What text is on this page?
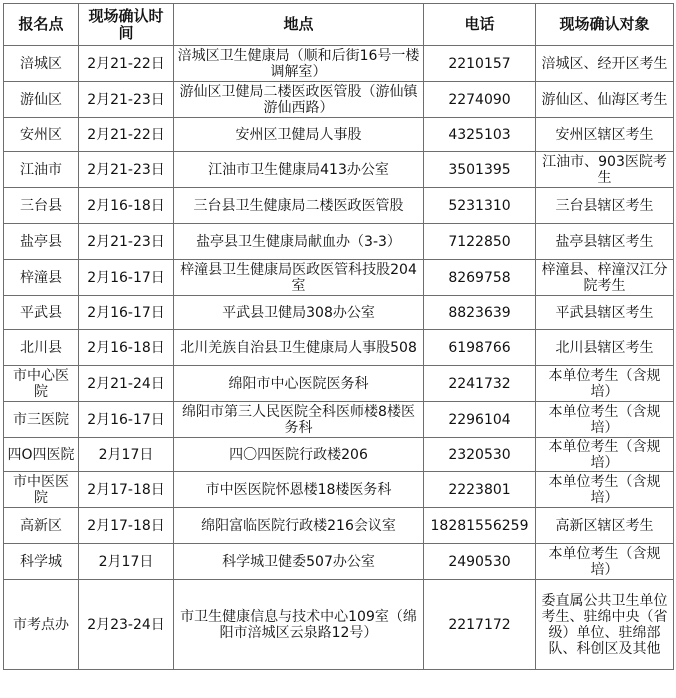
报名点	现场确认时间	地点	电话	现场确认对象
涪城区	2月21-22日	涪城区卫生健康局（顺和后街16号一楼调解室）	2210157	涪城区、经开区考生
游仙区	2月21-23日	游仙区卫健局二楼医政医管股（游仙镇游仙西路）	2274090	游仙区、仙海区考生
安州区	2月21-22日	安州区卫健局人事股	4325103	安州区辖区考生
江油市	2月21-23日	江油市卫生健康局413办公室	3501395	江油市、903医院考生
三台县	2月16-18日	三台县卫生健康局二楼医政医管股	5231310	三台县辖区考生
盐亭县	2月21-23日	盐亭县卫生健康局献血办（3-3）	7122850	盐亭县辖区考生
梓潼县	2月16-17日	梓潼县卫生健康局医政医管科技股204室	8269758	梓潼县、梓潼汉江分院考生
平武县	2月16-17日	平武县卫健局308办公室	8823639	平武县辖区考生
北川县	2月16-18日	北川羌族自治县卫生健康局人事股508	6198766	北川县辖区考生
市中心医院	2月21-24日	绵阳市中心医院医务科	2241732	本单位考生（含规培）
市三医院	2月16-17日	绵阳市第三人民医院全科医师楼8楼医务科	2296104	本单位考生（含规培）
四O四医院	2月17日	四〇四医院行政楼206	2320530	本单位考生（含规培）
市中医医院	2月17-18日	市中医医院怀恩楼18楼医务科	2223801	本单位考生（含规培）
高新区	2月17-18日	绵阳富临医院行政楼216会议室	18281556259	高新区辖区考生
科学城	2月17日	科学城卫健委507办公室	2490530	本单位考生（含规培）
市考点办	2月23-24日	市卫生健康信息与技术中心109室（绵阳市涪城区云泉路12号）	2217172	委直属公共卫生单位考生、驻绵中央（省级）单位、驻绵部队、科创区及其他
